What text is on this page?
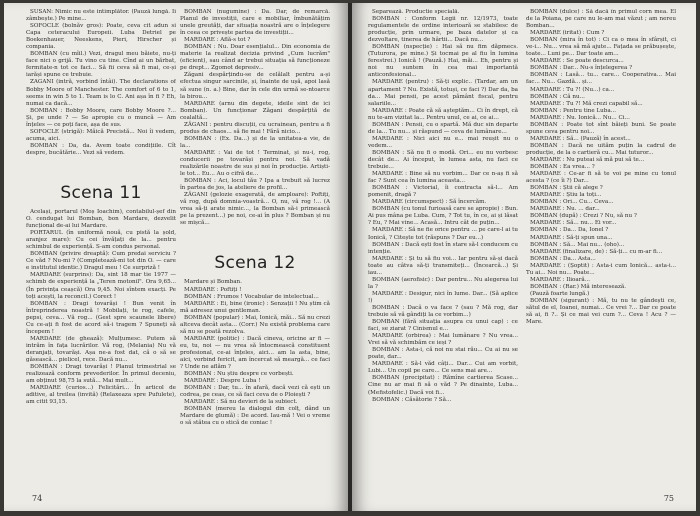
SUSAN: Nimic nu este intimplător. (Pauză lungă. Ii zâmbește.) Pe mine...

SOFOCLE (bolnăv gros): Poate, ceva cit adun si Capa ceteracului Europeii. Luba Detriel pe Boekenhauer, Neeskens, Pieri, Hirscher și compania.

BOMBAN (cu mîil.) Vezi, dragul meu băiete, nu-ți face nici o grijă. Tu vino cu tine. Cînd ai un bărbat, fermitate-n tot ce faci... Să fii ceva să fi mai, ce-și iarăși spune ce trebuie.

ZAGANI (intră, vorbind întâi). The declarations of Bobby Moore of Manchester. The comfort of 6 to 1, seems in win 5 to 1. Team is lo C. Ani așa în fi ? Eh, numai ca dacă...

BOMBAN : Bobby Moore, care Bobby Moore ?... Și, pe unde ? — Se apropie cu o muncă — Am înțeles — ce poți face, așa de sus.

SOFOCLE (strigă): Măică Precistă... Noi îi vedem, acuma, aici.

BOMBAN : Da, da. Avem toate condițiile. Cît despre, bucătărie... Vezi să vedem.

Scena 11

Același, portarul (Moș Ioachim), contabilul-șef din O. cendugat lui Bomban, bon Mardare, dezvelit funcțional de-ai lui Mardare.

PORTARUL (în uniformă nouă, cu pistă la șold, aranjez mare): Cu cei învățați de la... pentru schimbul de experiență. S-am condus personal.

BOMBAN (privire dreaptă): Cum predai serviciu ? Ce văd ? Nu-mi ? (Completează-mi tot din O. — care e institutul identic.) Dragul meu ! Ce surpriză !

MARDARE (surprins): Da, sint 18 mar tie 1977 — schimb de experiență la „Teren motonil". Ora 9,65... (În privința ceașcă) Ora 9,45. Noi sîntem exacți. Pe toți acești, la reconcil.) Corect !

BOMBAN : Dragi tovarăși ! Bun venit în întreprinderea noastră ! Mobilați, te rog, cafele, pepsi, ceva... Vă rog... (Gest spre scaunele libere) Cu ce-ați fi fost de acord să-i tragem ? Spuneți să începem !

MARDARE (de ghează): Mulțumesc. Putem să intrăm în fața lucrărilor. Vă rog, (Melania) Nu vă deranjați, tovarăși. Așa ne-a fost dat, că o să se găsească... pielicel, rece. Dacă nu...

BOMBAN : Dragi tovarăși ! Planul trimestrial se realizează conform prevederilor. În primul deceniu, am obținut 98,75 la sută... Mai mult...

MARDARE (curios...) Felicitări... În articol de aditive, al treilea (invită) (Relaxeaza spre Pufulete), am citit 93,15.

BOMBAN (nugumine) : Da. Dar, de remarcă. Planul de investiții, care e mobiliar, îmbunătățim unele greutăți, dar situația noastră are o înțelegere în ceea ce privește partea de investiții...

MARDARE : Află-s tot ?

BOMBAN : Nu. Doar esențialul... Din economia de materie la realizat decizia privind „Cum lucrăm" (eficient), sau când ar trebui situația să funcționeze pe drept... Zgomot depresiv...

Zăgani despărțindu-se de celălalt pentru a-și efectua singur sarcinile, și, înainte de ușă, apoi lasă să sune (n. a.) Bine, dar în cele din urmă se-ntoarce la birou...

MARDARE (arnu din degete, ideile sint de ici Bomban). Un funcționar Zăgani despărțită de cealaltă...

ZĂGANI : pentru discuții, cu ucrainean, pentru a fi produs de chaos... să fie mai ! Fără nicio...

BOMBAN : (Ex. Da...) și de la unitatea-a vie, de la...

MARDARE : Vai de tot ! Terminat, și nu-i, rog, conducerii pe tovarăși pentru noi. Să vadă realizările noastre de sus și noi în producție. Artiști-le tot... Eu... Au o cifră de...

BOMBAN : Aci, locul tău ? Ipa a trebuit să lucrez în partea de jos, la ateliere de profil...

ZĂGANI (gelozie exagerată, de amploare): Poftiți, vă rog, după domnia-voastră... O, nu, vă rog !... (A vrea să-ți arate nimic..., la Bomban să-i primească pe la prezent...) pe noi, ce-ai în plus ? Bomban și nu se mișcă...

Scena 12

Mardare și Bomban.

MARDARE : Poftiți !

BOMBAN : Frumos ! Vocabular de intelectual...

MARDARE : Ei, bine (ironic) : Senzații ! Nu știm că mă adresez unui gentleman.

BOMBAN (popular) : Mai, Ionică, măi... Să nu crezi altceva decât asta... (Corr.) Nu există problema care să nu se poată rezolva.

MARDARE (politic) : Dacă cineva, oricine ar fi — eu, tu, noi — nu vrea să întocmească constituent profesional, ce-ai înțeles, aici... am la asta, bine, aici, vorbind fericit, am încercat să meargă... ce faci ? Unde ne aflăm ?

BOMBAN : Nu știu despre ce vorbești.

MARDARE : Despre Luba !

BOMBAN : Dar, tu... în afară, dacă vezi că ești un codrea, pe ceas, ce să faci ceva de o Ploiești ?

MARDARE : Să nu devieri de la subiect.

BOMBAN (mereu la dialogul din colț, dând un Mardare de glumă) : De acord. Iau-mă ! Vei o vreme o să stătea cu o stică de coniac !

74

Separează. Productie specială.

BOMBAN : Conform Legii nr. 12/1973, toate regulamentele de ordine interioară se stabilesc de producție, prin urmare, pe baza datelor și ca dezvoltare, tinerea de hârtii... Dacă nu...

BOMBAN (nspecție) : Hai să nu fim dăpmecs. (Tuturora, pe mine.) Și tocmai pe al fiu în lumina ferestrei.) Ionică ! (Pauză.) Hai, măi... Eh, pentru și noi nu suntem în cea mai importantă anticonfesional...

MARDARE (pentru) : Să-ți explic.. (Tardar, am un apartament ? Nu. Există, totuși, ce faci ?) Dar da, ba da... Mai pensii, pe acest pământ fiscal, pentru salariile...

MARDARE : Poate că să așteptăm... Ci în drept, că nu te-am vizitat la... Pentru unul, ce ai, ce ai...

BOMBAN : Pensii, cu o spartă. Mă duc sin departe de la... Tu nu... și răspund — ceva de lumânare...

MARDARE : Nici aici nu e... mai reușit nu o vedem...

BOMBAN : Să nu fi o modă. Ori... eu nu vorbesc decât de... Ai început, în lumea asta, nu faci ce trebuie...

MARDARE : Bine să nu vorbim... Dar ce n-aș fi să fac ? Sunt cea în lumina aceasta...

BOMBAN : Victorial, îi contracta să-l... Am pomenit, dragă ?

MARDARE (circumspect) : Să încercăm.

BOMBAN (cu tonul furioasă care se apropie) : Bun. Ai pus mâna pe Luba. Cum, ? Tot tu, în ce, ai și lăsat ? Eu, ? Mai vine... Acasă... Intru cât de puțin...

MARDARE : Să ne fie orice pentru ... pe care-l ai tu Ionică, ? Citește tot (răspuns ? Dar eu...)

BOMBAN : Dacă ești fost în stare să-l conducem cu intenție.

MARDARE : Și tu să fiu voi... Iar pentru să-și dacă toate au câtva să-ți transmiteți... (Încearcă...) Și iau...

BOMBAN (aerofisic) : Dar pentru... Nu alegerea lui la ?

MARDARE : Desigur, nici în lume. Dar... (Să aplice !)

BOMBAN : Dacă o va face ? (sau ? Mă rog, dar trebuie să vă gândiți la ce vorbim...)

BOMBAN (fără situația asupra cu unui cap) : ce faci, se ziarat ? Cinismul e...

MARDARE (orbirea) : Mai lumânare ? Nu vrea... Vrei să vă schimbăm ce ieși ?

BOMBAN : Asta-i, că noi nu stai rău... Cu ai nu se poate, dar...

MARDARE : Să-l văd câți... Dar... Cui am vorbit, Lubi... Un copil pe care... Ce sens mai are...

BOMBAN (precipitat) : Rămîne cartierea Scase... Cine nu ar mai fi să o văd ? Pe dinainte, Luba... (Mefistofelic.) Dacă voi fi...

BOMBAN : Căsătorie ? Să...

BOMBAN (dulce) : Să dacă în primul corn mea. El de la Poiana, pe care nu le-am mai văzut ; am nereu Bomban...

MARDARE (iritat) : Cum ?

BOMBAN (mira în tot) : Ci ca o mea în sfârșit, ci ve-i... Nu... vrea să mă ajute... Fațada se prăbușește, toate... Luni pe... Dar toate am...

MARDARE : Se poate descurca...

BOMBAN : Dar... Nu-s înțelegerea ?

BOMBAN : Lasă... tu... care... Cooperativa... Mai fac... Nu... Gazdă... și...

MARDARE : Tu ?! (Nu...) ca...

BOMBAN : Că nu...

MARDARE : Tu ?! Mă crezi capabil să...

BOMBAN : Pentru tine Luba...

MARDARE : Nu. Ionică... Nu... Ci...

BOMBAN : Poate tot sînt băieți buni. Se poate spune ceva pentru noi...

MARDARE : Să... (Pauză) în acest...

BOMBAN : Dacă ne uităm puțin la cadrul de producție, de la o cartieră cu... Mai tuturor...

MARDARE : Nu puteai să mă pui să te...

BOMBAN : Ea vrea... ?

MARDARE : Ce-ar fi să te voi pe mine cu tonul acesta ? (ce îi ?) Dar...

BOMBAN : Știi că alege ?

MARDARE : Știu la toți...

BOMBAN : Ori... Cu... Ceva...

MARDARE : Nu. ... dar...

BOMBAN (după) : Crezi ? Nu, să nu ?

MARDARE : Să... nu... Ei vor...

BOMBAN : Da... Da, Ionel ?

MARDARE : Să-ți spun una...

BOMBAN : Să... Mai nu... (oho)...

MARDARE (finalizare, de) : Să-ți... cu m-ar fi...

BOMBAN : Da... Asta...

MARDARE : (Șoptit) : Asta-i cum Ionică... asta-i... Tu ai... Noi nu... Poate...

MARDARE : Ilioară...

BOMBAN : (Rar.) Mă interesează.

(Pauză foarte lungă.)

BOMBAN (sigurant) : Mă, tu nu te gândești ce, sătul de el, Ioanei, numai... Ce vrei ?... Dar ce poate să ai, fi ?.. Și ce mai vei cum ?... Ceva ! Acu ? — Mare.

75
